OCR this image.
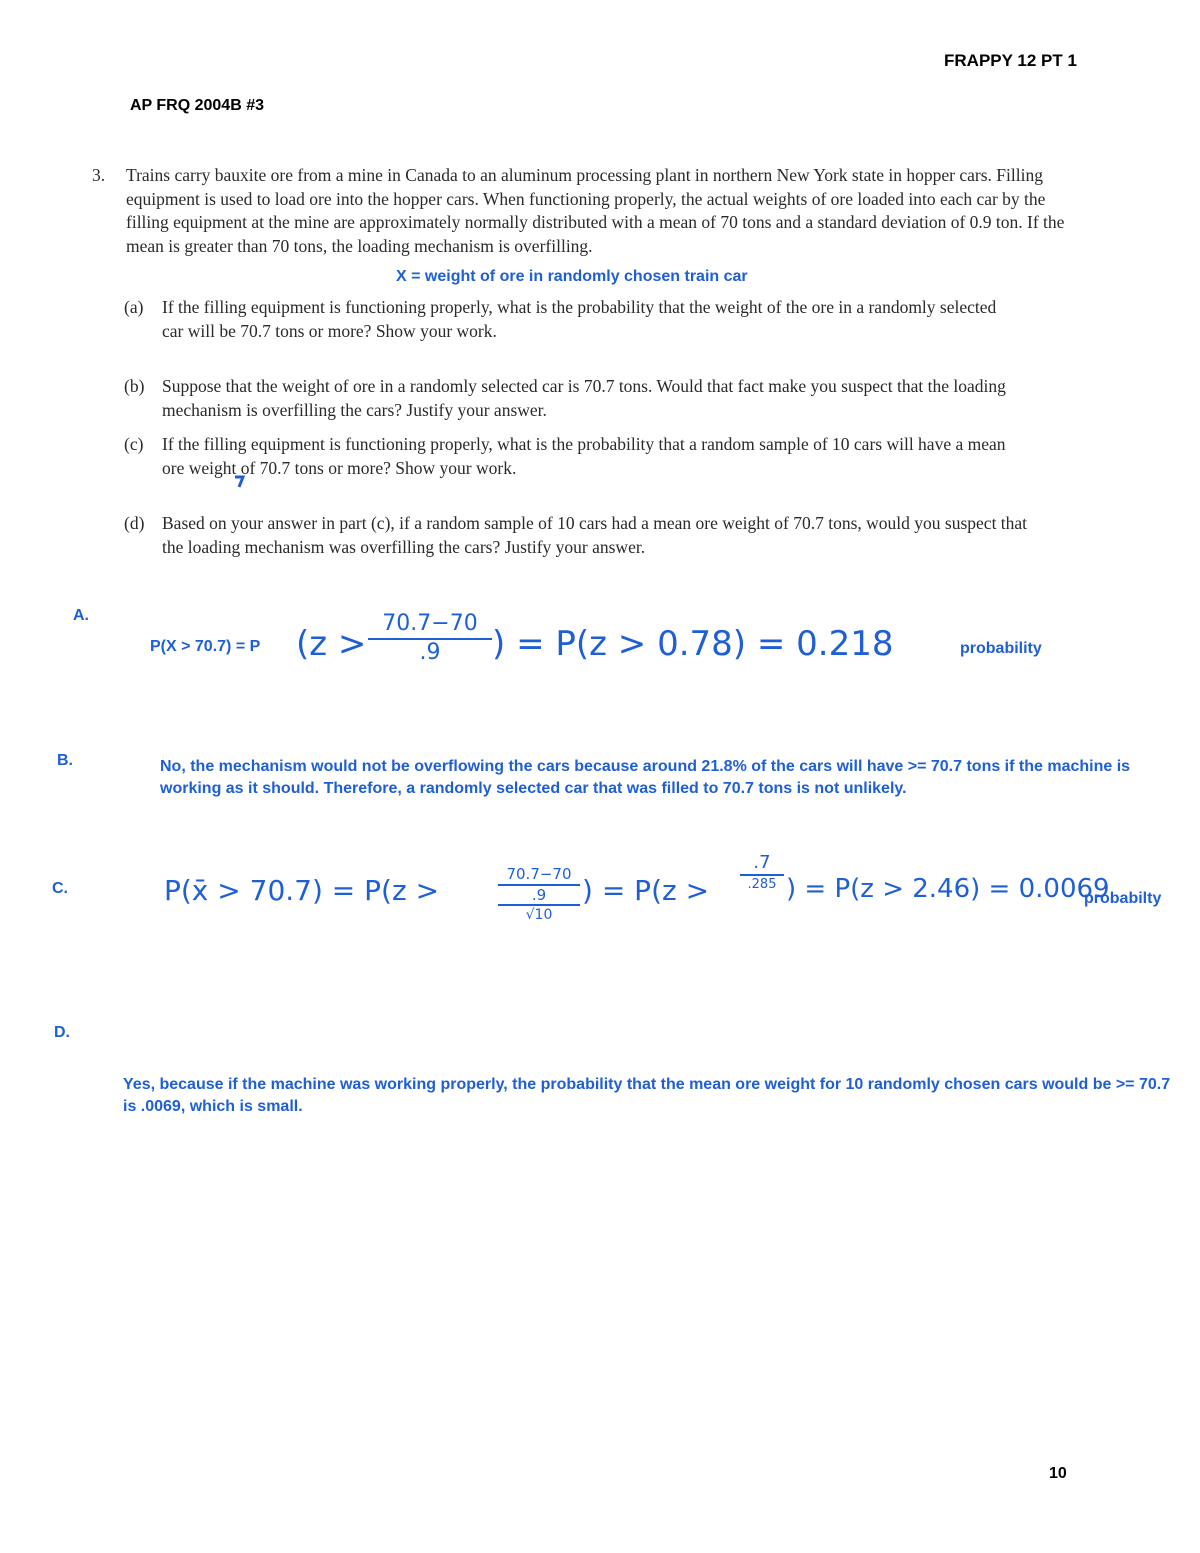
FRAPPY 12 PT 1
AP FRQ 2004B #3
3.	Trains carry bauxite ore from a mine in Canada to an aluminum processing plant in northern New York state in hopper cars. Filling equipment is used to load ore into the hopper cars. When functioning properly, the actual weights of ore loaded into each car by the filling equipment at the mine are approximately normally distributed with a mean of 70 tons and a standard deviation of 0.9 ton. If the mean is greater than 70 tons, the loading mechanism is overfilling.
X = weight of ore in randomly chosen train car
(a)	If the filling equipment is functioning properly, what is the probability that the weight of the ore in a randomly selected car will be 70.7 tons or more? Show your work.
(b)	Suppose that the weight of ore in a randomly selected car is 70.7 tons. Would that fact make you suspect that the loading mechanism is overfilling the cars? Justify your answer.
(c)	If the filling equipment is functioning properly, what is the probability that a random sample of 10 cars will have a mean ore weight of 70.7 tons or more? Show your work.
(d)	Based on your answer in part (c), if a random sample of 10 cars had a mean ore weight of 70.7 tons, would you suspect that the loading mechanism was overfilling the cars? Justify your answer.
A.
P(X > 70.7) = P ($z > \frac{70.7-70}{.9}$ ) = P(z > 0.78) = 0.218	probability
B.	No, the mechanism would not be overflowing the cars because around 21.8% of the cars will have >= 70.7 tons if the machine is working as it should. Therefore, a randomly selected car that was filled to 70.7 tons is not unlikely.
C.	P(x̄ > 70.7) = P(z >	70.7−70
.9
√10
) = P(z >
.7
.285 ) = P(z > 2.46) = 0.0069
probabilty
D.
Yes, because if the machine was working properly, the probability that the mean ore weight for 10 randomly chosen cars would be >= 70.7 is .0069, which is small.
10
